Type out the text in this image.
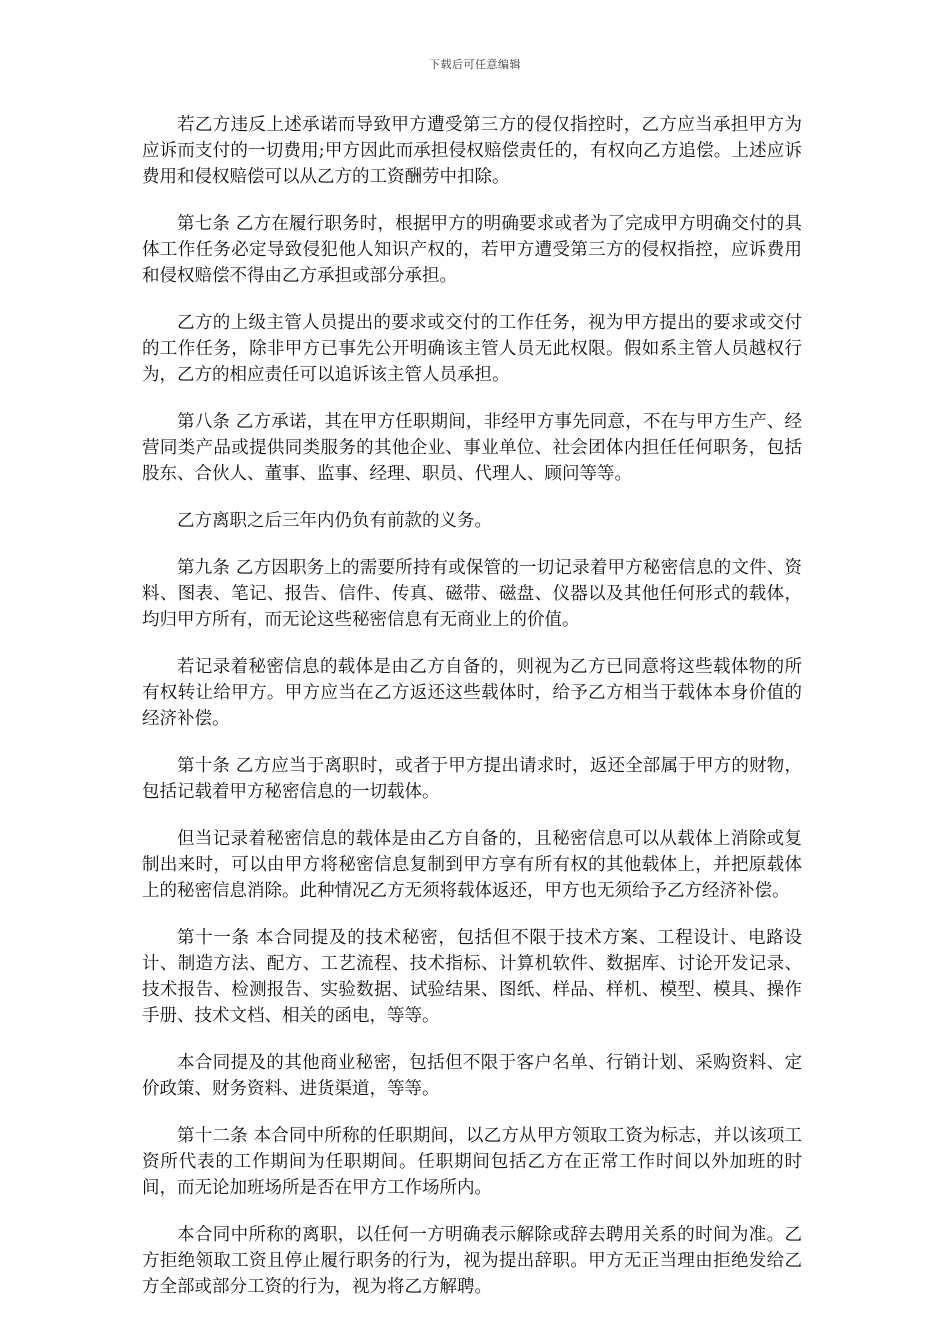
下载后可任意编辑

若乙方违反上述承诺而导致甲方遭受第三方的侵仅指控时，乙方应当承担甲方为应诉而支付的一切费用;甲方因此而承担侵权赔偿责任的，有权向乙方追偿。上述应诉费用和侵权赔偿可以从乙方的工资酬劳中扣除。

第七条 乙方在履行职务时，根据甲方的明确要求或者为了完成甲方明确交付的具体工作任务必定导致侵犯他人知识产权的，若甲方遭受第三方的侵权指控，应诉费用和侵权赔偿不得由乙方承担或部分承担。

乙方的上级主管人员提出的要求或交付的工作任务，视为甲方提出的要求或交付的工作任务，除非甲方已事先公开明确该主管人员无此权限。假如系主管人员越权行为，乙方的相应责任可以追诉该主管人员承担。

第八条 乙方承诺，其在甲方任职期间，非经甲方事先同意，不在与甲方生产、经营同类产品或提供同类服务的其他企业、事业单位、社会团体内担任任何职务，包括股东、合伙人、董事、监事、经理、职员、代理人、顾问等等。

乙方离职之后三年内仍负有前款的义务。

第九条 乙方因职务上的需要所持有或保管的一切记录着甲方秘密信息的文件、资料、图表、笔记、报告、信件、传真、磁带、磁盘、仪器以及其他任何形式的载体，均归甲方所有，而无论这些秘密信息有无商业上的价值。

若记录着秘密信息的载体是由乙方自备的，则视为乙方已同意将这些载体物的所有权转让给甲方。甲方应当在乙方返还这些载体时，给予乙方相当于载体本身价值的经济补偿。

第十条 乙方应当于离职时，或者于甲方提出请求时，返还全部属于甲方的财物，包括记载着甲方秘密信息的一切载体。

但当记录着秘密信息的载体是由乙方自备的，且秘密信息可以从载体上消除或复制出来时，可以由甲方将秘密信息复制到甲方享有所有权的其他载体上，并把原载体上的秘密信息消除。此种情况乙方无须将载体返还，甲方也无须给予乙方经济补偿。

第十一条 本合同提及的技术秘密，包括但不限于技术方案、工程设计、电路设计、制造方法、配方、工艺流程、技术指标、计算机软件、数据库、讨论开发记录、技术报告、检测报告、实验数据、试验结果、图纸、样品、样机、模型、模具、操作手册、技术文档、相关的函电，等等。

本合同提及的其他商业秘密，包括但不限于客户名单、行销计划、采购资料、定价政策、财务资料、进货渠道，等等。

第十二条 本合同中所称的任职期间，以乙方从甲方领取工资为标志，并以该项工资所代表的工作期间为任职期间。任职期间包括乙方在正常工作时间以外加班的时间，而无论加班场所是否在甲方工作场所内。

本合同中所称的离职，以任何一方明确表示解除或辞去聘用关系的时间为准。乙方拒绝领取工资且停止履行职务的行为，视为提出辞职。甲方无正当理由拒绝发给乙方全部或部分工资的行为，视为将乙方解聘。
